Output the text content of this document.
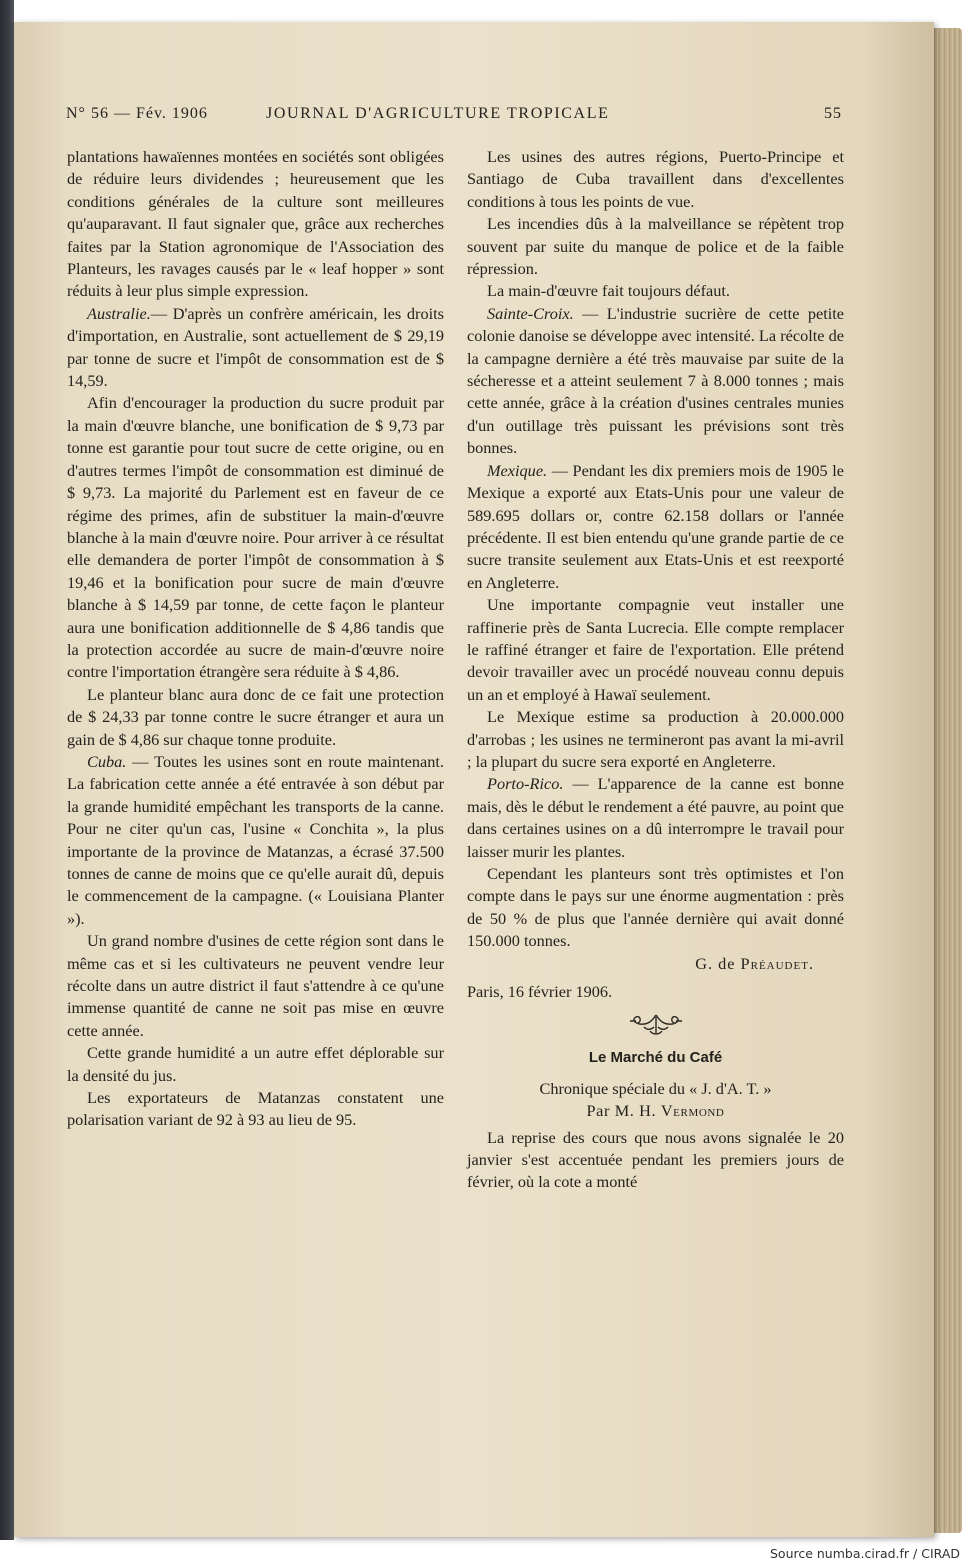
N° 56 — Fév. 1906	JOURNAL D'AGRICULTURE TROPICALE	55

plantations hawaïennes montées en sociétés sont obligées de réduire leurs dividendes ; heureusement que les conditions générales de la culture sont meilleures qu'auparavant. Il faut signaler que, grâce aux recherches faites par la Station agronomique de l'Association des Planteurs, les ravages causés par le « leaf hopper » sont réduits à leur plus simple expression.

Australie.— D'après un confrère américain, les droits d'importation, en Australie, sont actuellement de $ 29,19 par tonne de sucre et l'impôt de consommation est de $ 14,59.

Afin d'encourager la production du sucre produit par la main d'œuvre blanche, une bonification de $ 9,73 par tonne est garantie pour tout sucre de cette origine, ou en d'autres termes l'impôt de consommation est diminué de $ 9,73. La majorité du Parlement est en faveur de ce régime des primes, afin de substituer la main-d'œuvre blanche à la main d'œuvre noire. Pour arriver à ce résultat elle demandera de porter l'impôt de consommation à $ 19,46 et la bonification pour sucre de main d'œuvre blanche à $ 14,59 par tonne, de cette façon le planteur aura une bonification additionnelle de $ 4,86 tandis que la protection accordée au sucre de main-d'œuvre noire contre l'importation étrangère sera réduite à $ 4,86.

Le planteur blanc aura donc de ce fait une protection de $ 24,33 par tonne contre le sucre étranger et aura un gain de $ 4,86 sur chaque tonne produite.

Cuba. — Toutes les usines sont en route maintenant. La fabrication cette année a été entravée à son début par la grande humidité empêchant les transports de la canne. Pour ne citer qu'un cas, l'usine « Conchita », la plus importante de la province de Matanzas, a écrasé 37.500 tonnes de canne de moins que ce qu'elle aurait dû, depuis le commencement de la campagne. (« Louisiana Planter »).

Un grand nombre d'usines de cette région sont dans le même cas et si les cultivateurs ne peuvent vendre leur récolte dans un autre district il faut s'attendre à ce qu'une immense quantité de canne ne soit pas mise en œuvre cette année.

Cette grande humidité a un autre effet déplorable sur la densité du jus.

Les exportateurs de Matanzas constatent une polarisation variant de 92 à 93 au lieu de 95.

Les usines des autres régions, Puerto-Principe et Santiago de Cuba travaillent dans d'excellentes conditions à tous les points de vue.

Les incendies dûs à la malveillance se répètent trop souvent par suite du manque de police et de la faible répression.

La main-d'œuvre fait toujours défaut.

Sainte-Croix. — L'industrie sucrière de cette petite colonie danoise se développe avec intensité. La récolte de la campagne dernière a été très mauvaise par suite de la sécheresse et a atteint seulement 7 à 8.000 tonnes ; mais cette année, grâce à la création d'usines centrales munies d'un outillage très puissant les prévisions sont très bonnes.

Mexique. — Pendant les dix premiers mois de 1905 le Mexique a exporté aux Etats-Unis pour une valeur de 589.695 dollars or, contre 62.158 dollars or l'année précédente. Il est bien entendu qu'une grande partie de ce sucre transite seulement aux Etats-Unis et est reexporté en Angleterre.

Une importante compagnie veut installer une raffinerie près de Santa Lucrecia. Elle compte remplacer le raffiné étranger et faire de l'exportation. Elle prétend devoir travailler avec un procédé nouveau connu depuis un an et employé à Hawaï seulement.

Le Mexique estime sa production à 20.000.000 d'arrobas ; les usines ne termineront pas avant la mi-avril ; la plupart du sucre sera exporté en Angleterre.

Porto-Rico. — L'apparence de la canne est bonne mais, dès le début le rendement a été pauvre, au point que dans certaines usines on a dû interrompre le travail pour laisser murir les plantes.

Cependant les planteurs sont très optimistes et l'on compte dans le pays sur une énorme augmentation : près de 50 % de plus que l'année dernière qui avait donné 150.000 tonnes.

G. de Préaudet.

Paris, 16 février 1906.

Le Marché du Café

Chronique spéciale du « J. d'A. T. »

Par M. H. Vermond

La reprise des cours que nous avons signalée le 20 janvier s'est accentuée pendant les premiers jours de février, où la cote a monté

Source numba.cirad.fr / CIRAD
